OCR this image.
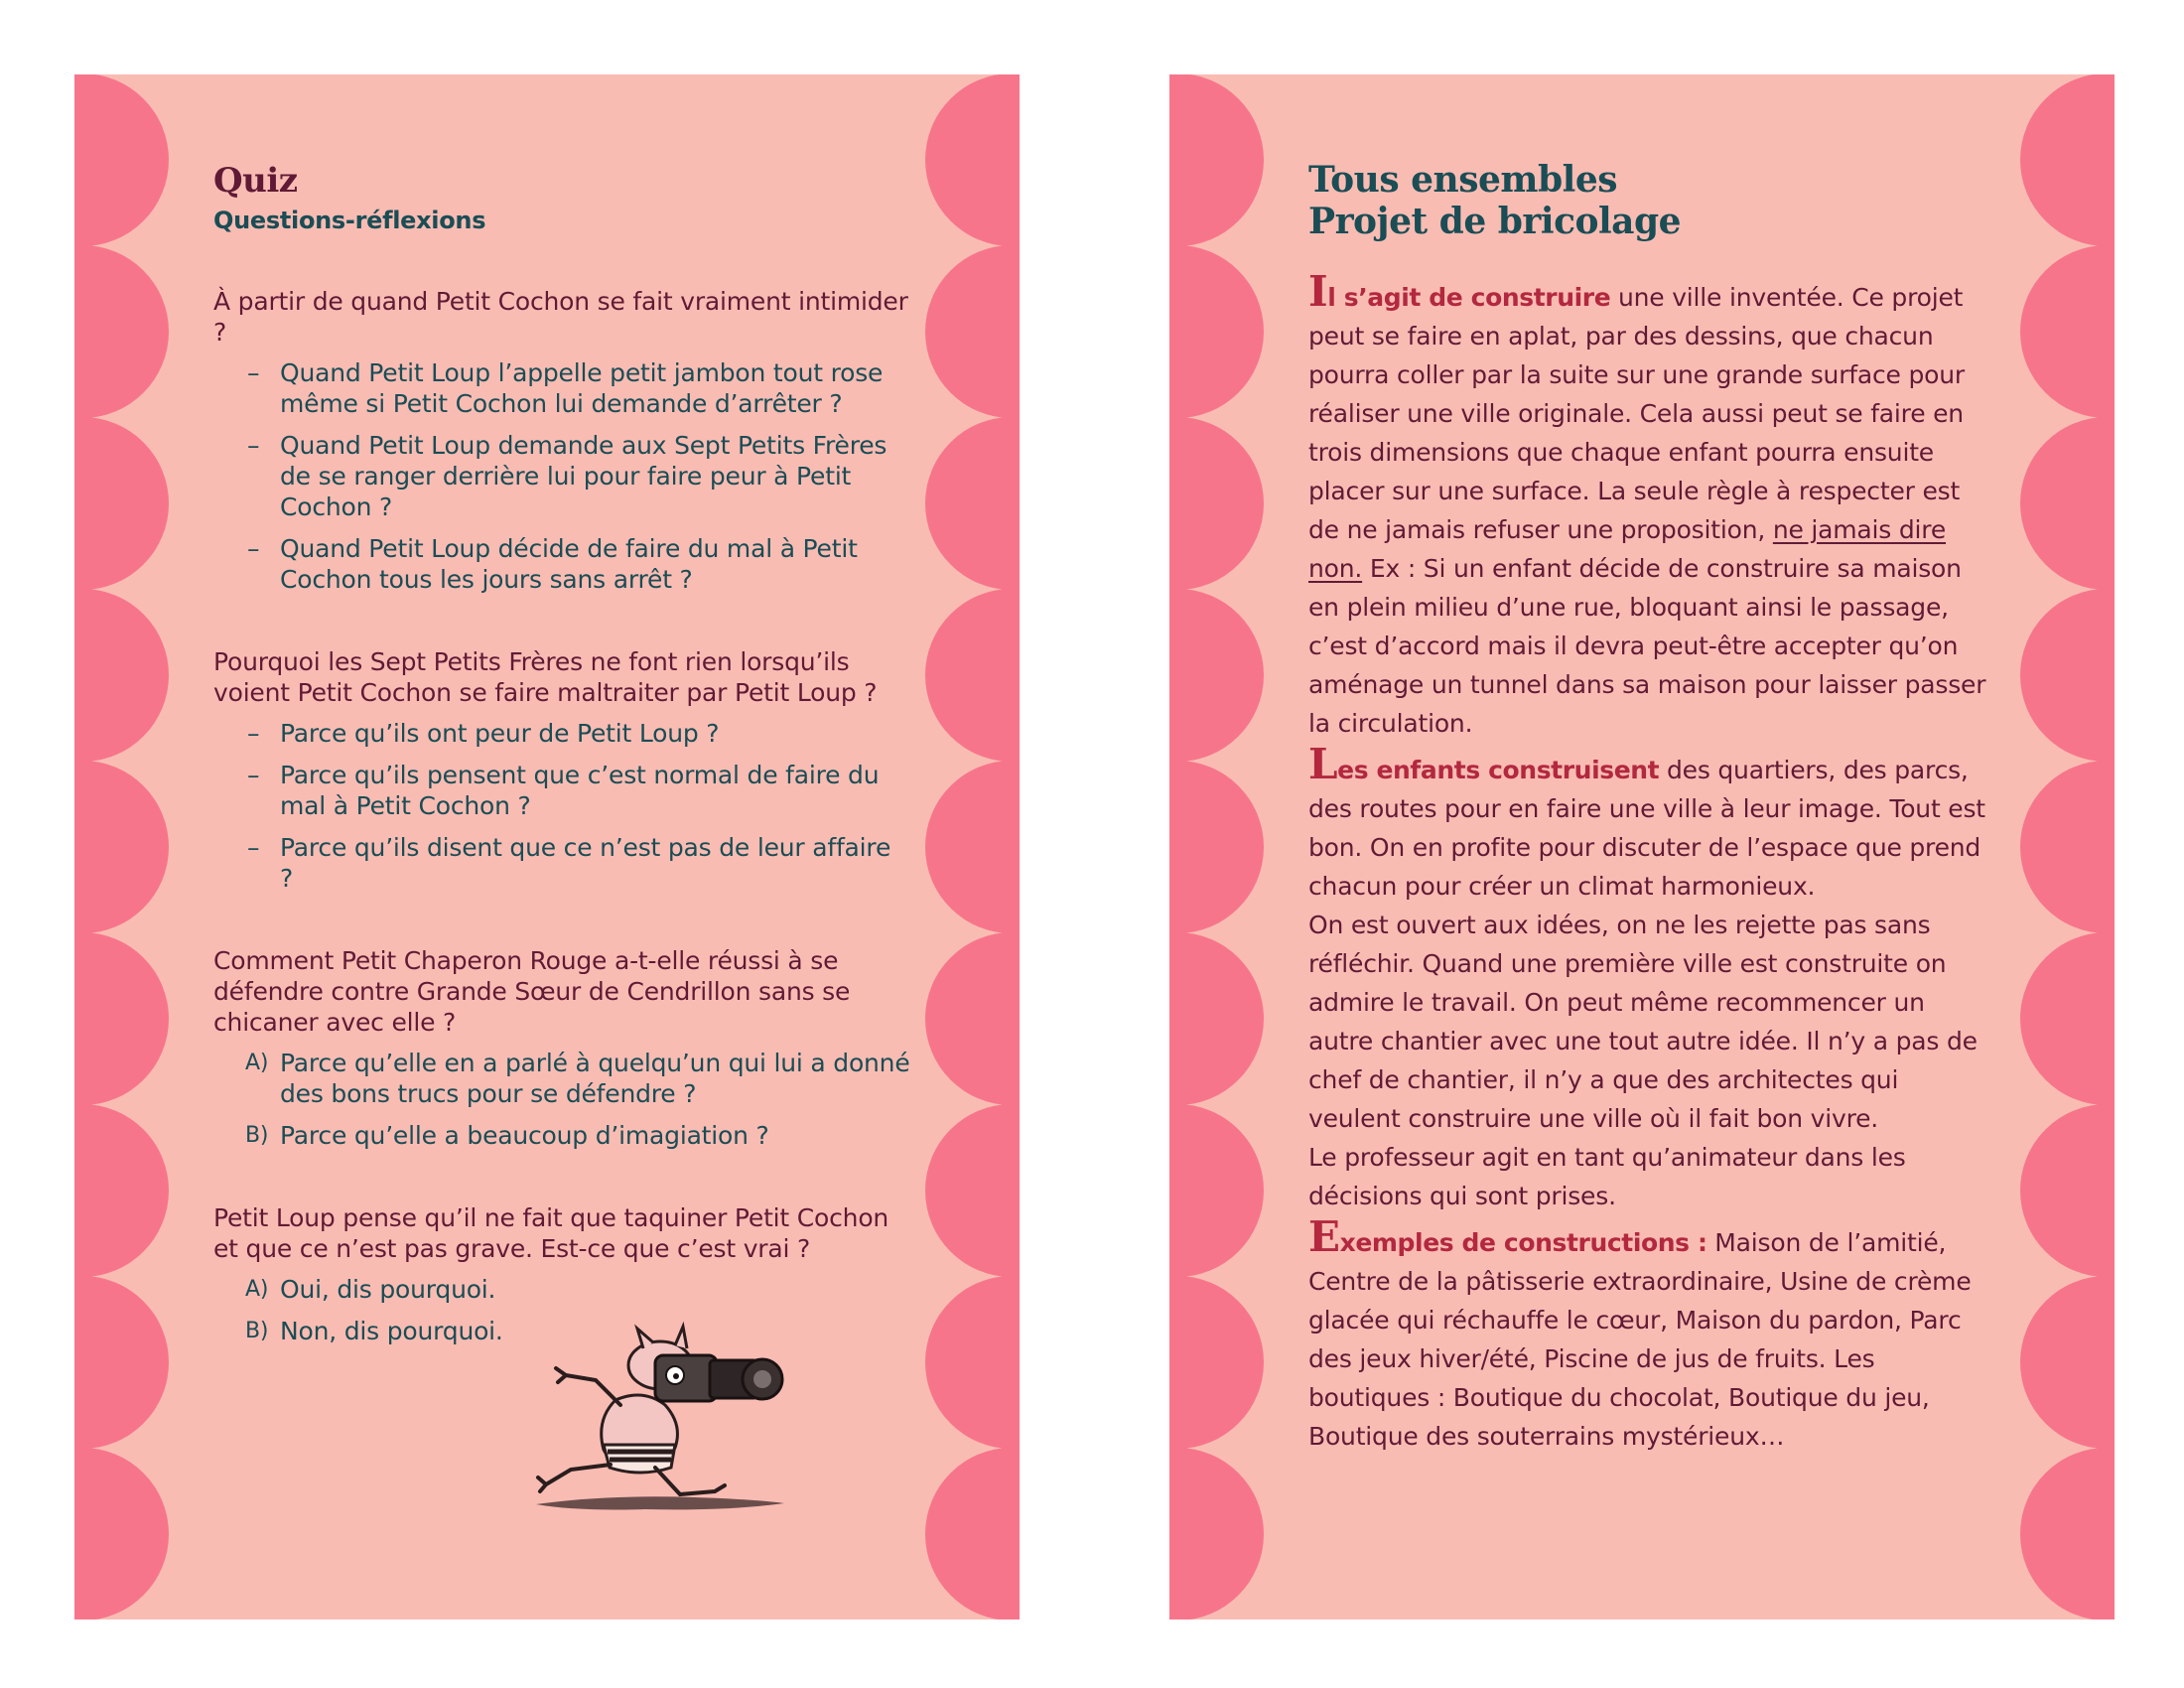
Quiz
Questions-réflexions

À partir de quand Petit Cochon se fait vraiment intimider ?

– Quand Petit Loup l’appelle petit jambon tout rose même si Petit Cochon lui demande d’arrêter ?
– Quand Petit Loup demande aux Sept Petits Frères de se ranger derrière lui pour faire peur à Petit Cochon ?
– Quand Petit Loup décide de faire du mal à Petit Cochon tous les jours sans arrêt ?

Pourquoi les Sept Petits Frères ne font rien lorsqu’ils voient Petit Cochon se faire maltraiter par Petit Loup ?

– Parce qu’ils ont peur de Petit Loup ?
– Parce qu’ils pensent que c’est normal de faire du mal à Petit Cochon ?
– Parce qu’ils disent que ce n’est pas de leur affaire ?

Comment Petit Chaperon Rouge a-t-elle réussi à se défendre contre Grande Sœur de Cendrillon sans se chicaner avec elle ?

A) Parce qu’elle en a parlé à quelqu’un qui lui a donné des bons trucs pour se défendre ?
B) Parce qu’elle a beaucoup d’imagiation ?

Petit Loup pense qu’il ne fait que taquiner Petit Cochon et que ce n’est pas grave. Est-ce que c’est vrai ?

A) Oui, dis pourquoi.
B) Non, dis pourquoi.
Tous ensembles
Projet de bricolage

Il s’agit de construire une ville inventée. Ce projet peut se faire en aplat, par des dessins, que chacun pourra coller par la suite sur une grande surface pour réaliser une ville originale. Cela aussi peut se faire en trois dimensions que chaque enfant pourra ensuite placer sur une surface. La seule règle à respecter est de ne jamais refuser une proposition, ne jamais dire non. Ex : Si un enfant décide de construire sa maison en plein milieu d’une rue, bloquant ainsi le passage, c’est d’accord mais il devra peut-être accepter qu’on aménage un tunnel dans sa maison pour laisser passer la circulation.

Les enfants construisent des quartiers, des parcs, des routes pour en faire une ville à leur image. Tout est bon. On en profite pour discuter de l’espace que prend chacun pour créer un climat harmonieux.
On est ouvert aux idées, on ne les rejette pas sans réfléchir. Quand une première ville est construite on admire le travail. On peut même recommencer un autre chantier avec une tout autre idée. Il n’y a pas de chef de chantier, il n’y a que des architectes qui veulent construire une ville où il fait bon vivre.
Le professeur agit en tant qu’animateur dans les décisions qui sont prises.

Exemples de constructions : Maison de l’amitié, Centre de la pâtisserie extraordinaire, Usine de crème glacée qui réchauffe le cœur, Maison du pardon, Parc des jeux hiver/été, Piscine de jus de fruits. Les boutiques : Boutique du chocolat, Boutique du jeu, Boutique des souterrains mystérieux…
